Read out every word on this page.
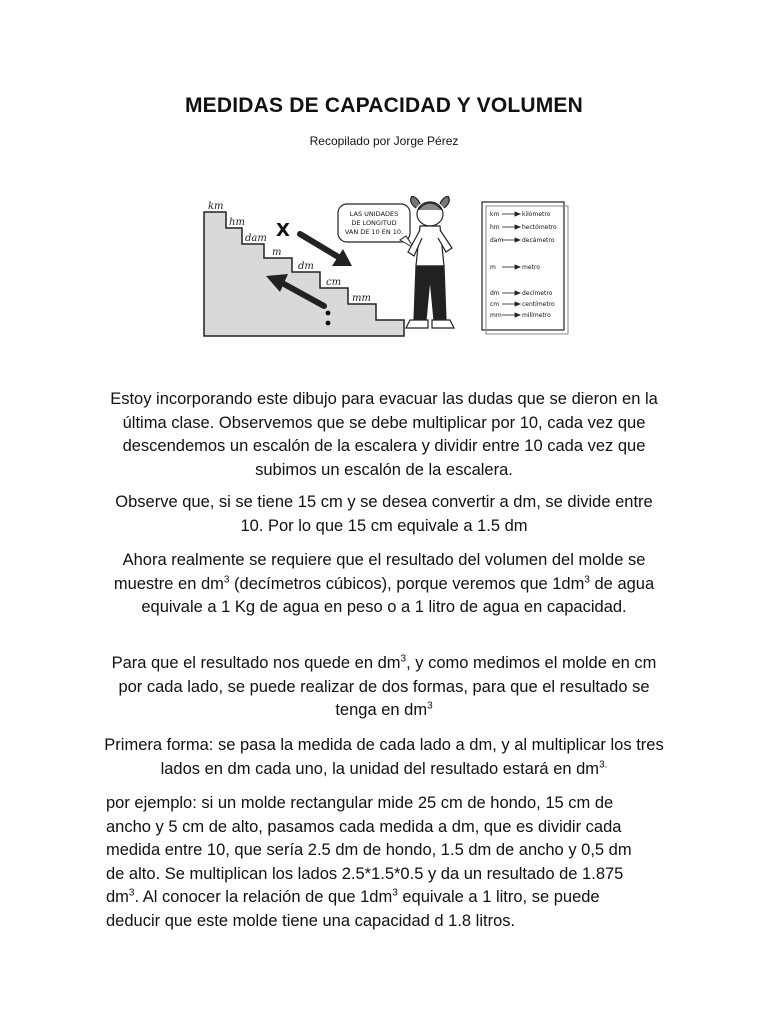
MEDIDAS DE CAPACIDAD Y VOLUMEN
Recopilado por Jorge Pérez
km
hm
dam
m
dm
cm
mm
X
LAS UNIDADES
DE LONGITUD
VAN DE 10 EN 10.
km	kilómetro
hm	hectómetro
dam	decámetro
m	metro
dm	decímetro
cm	centímetro
mm	milímetro
Estoy incorporando este dibujo para evacuar las dudas que se dieron en la última clase. Observemos que se debe multiplicar por 10, cada vez que descendemos un escalón de la escalera y dividir entre 10 cada vez que subimos un escalón de la escalera.
Observe que, si se tiene 15 cm y se desea convertir a dm, se divide entre 10. Por lo que 15 cm equivale a 1.5 dm
Ahora realmente se requiere que el resultado del volumen del molde se muestre en $dm^3$ (decímetros cúbicos), porque veremos que $1dm^3$ de agua equivale a 1 Kg de agua en peso o a 1 litro de agua en capacidad.
Para que el resultado nos quede en $dm^3$, y como medimos el molde en cm por cada lado, se puede realizar de dos formas, para que el resultado se tenga en $dm^3$
Primera forma: se pasa la medida de cada lado a dm, y al multiplicar los tres lados en dm cada uno, la unidad del resultado estará en $dm^{3.}$
por ejemplo: si un molde rectangular mide 25 cm de hondo, 15 cm de ancho y 5 cm de alto, pasamos cada medida a dm, que es dividir cada medida entre 10, que sería 2.5 dm de hondo, 1.5 dm de ancho y 0,5 dm de alto. Se multiplican los lados 2.5*1.5*0.5 y da un resultado de 1.875 $dm^3$. Al conocer la relación de que $1dm^3$ equivale a 1 litro, se puede deducir que este molde tiene una capacidad d 1.8 litros.
